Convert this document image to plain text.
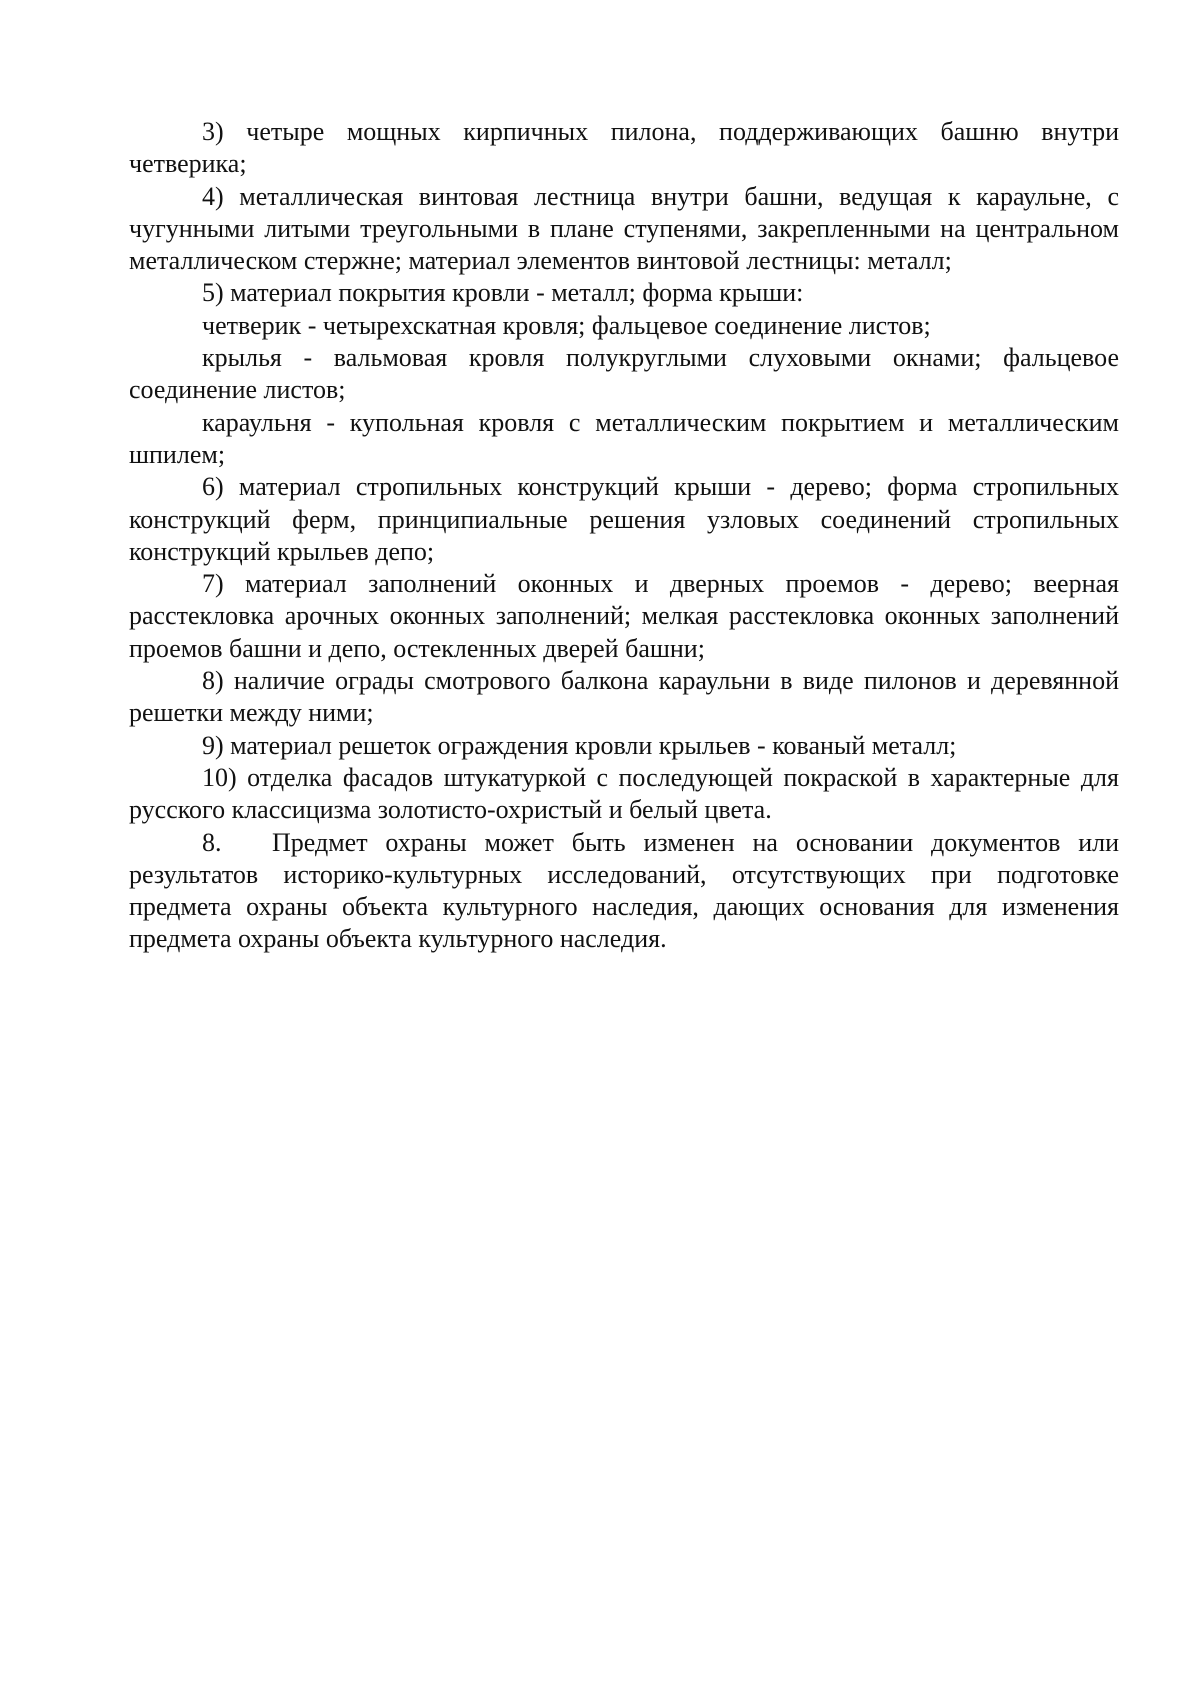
3) четыре мощных кирпичных пилона, поддерживающих башню внутри четверика;

4) металлическая винтовая лестница внутри башни, ведущая к караульне, с чугунными литыми треугольными в плане ступенями, закрепленными на центральном металлическом стержне; материал элементов винтовой лестницы: металл;

5) материал покрытия кровли - металл; форма крыши:

четверик - четырехскатная кровля; фальцевое соединение листов;

крылья - вальмовая кровля полукруглыми слуховыми окнами; фальцевое соединение листов;

караульня - купольная кровля с металлическим покрытием и металлическим шпилем;

6) материал стропильных конструкций крыши - дерево; форма стропильных конструкций ферм, принципиальные решения узловых соединений стропильных конструкций крыльев депо;

7) материал заполнений оконных и дверных проемов - дерево; веерная расстекловка арочных оконных заполнений; мелкая расстекловка оконных заполнений проемов башни и депо, остекленных дверей башни;

8) наличие ограды смотрового балкона караульни в виде пилонов и деревянной решетки между ними;

9) материал решеток ограждения кровли крыльев - кованый металл;

10) отделка фасадов штукатуркой с последующей покраской в характерные для русского классицизма золотисто-охристый и белый цвета.

8. Предмет охраны может быть изменен на основании документов или результатов историко-культурных исследований, отсутствующих при подготовке предмета охраны объекта культурного наследия, дающих основания для изменения предмета охраны объекта культурного наследия.
